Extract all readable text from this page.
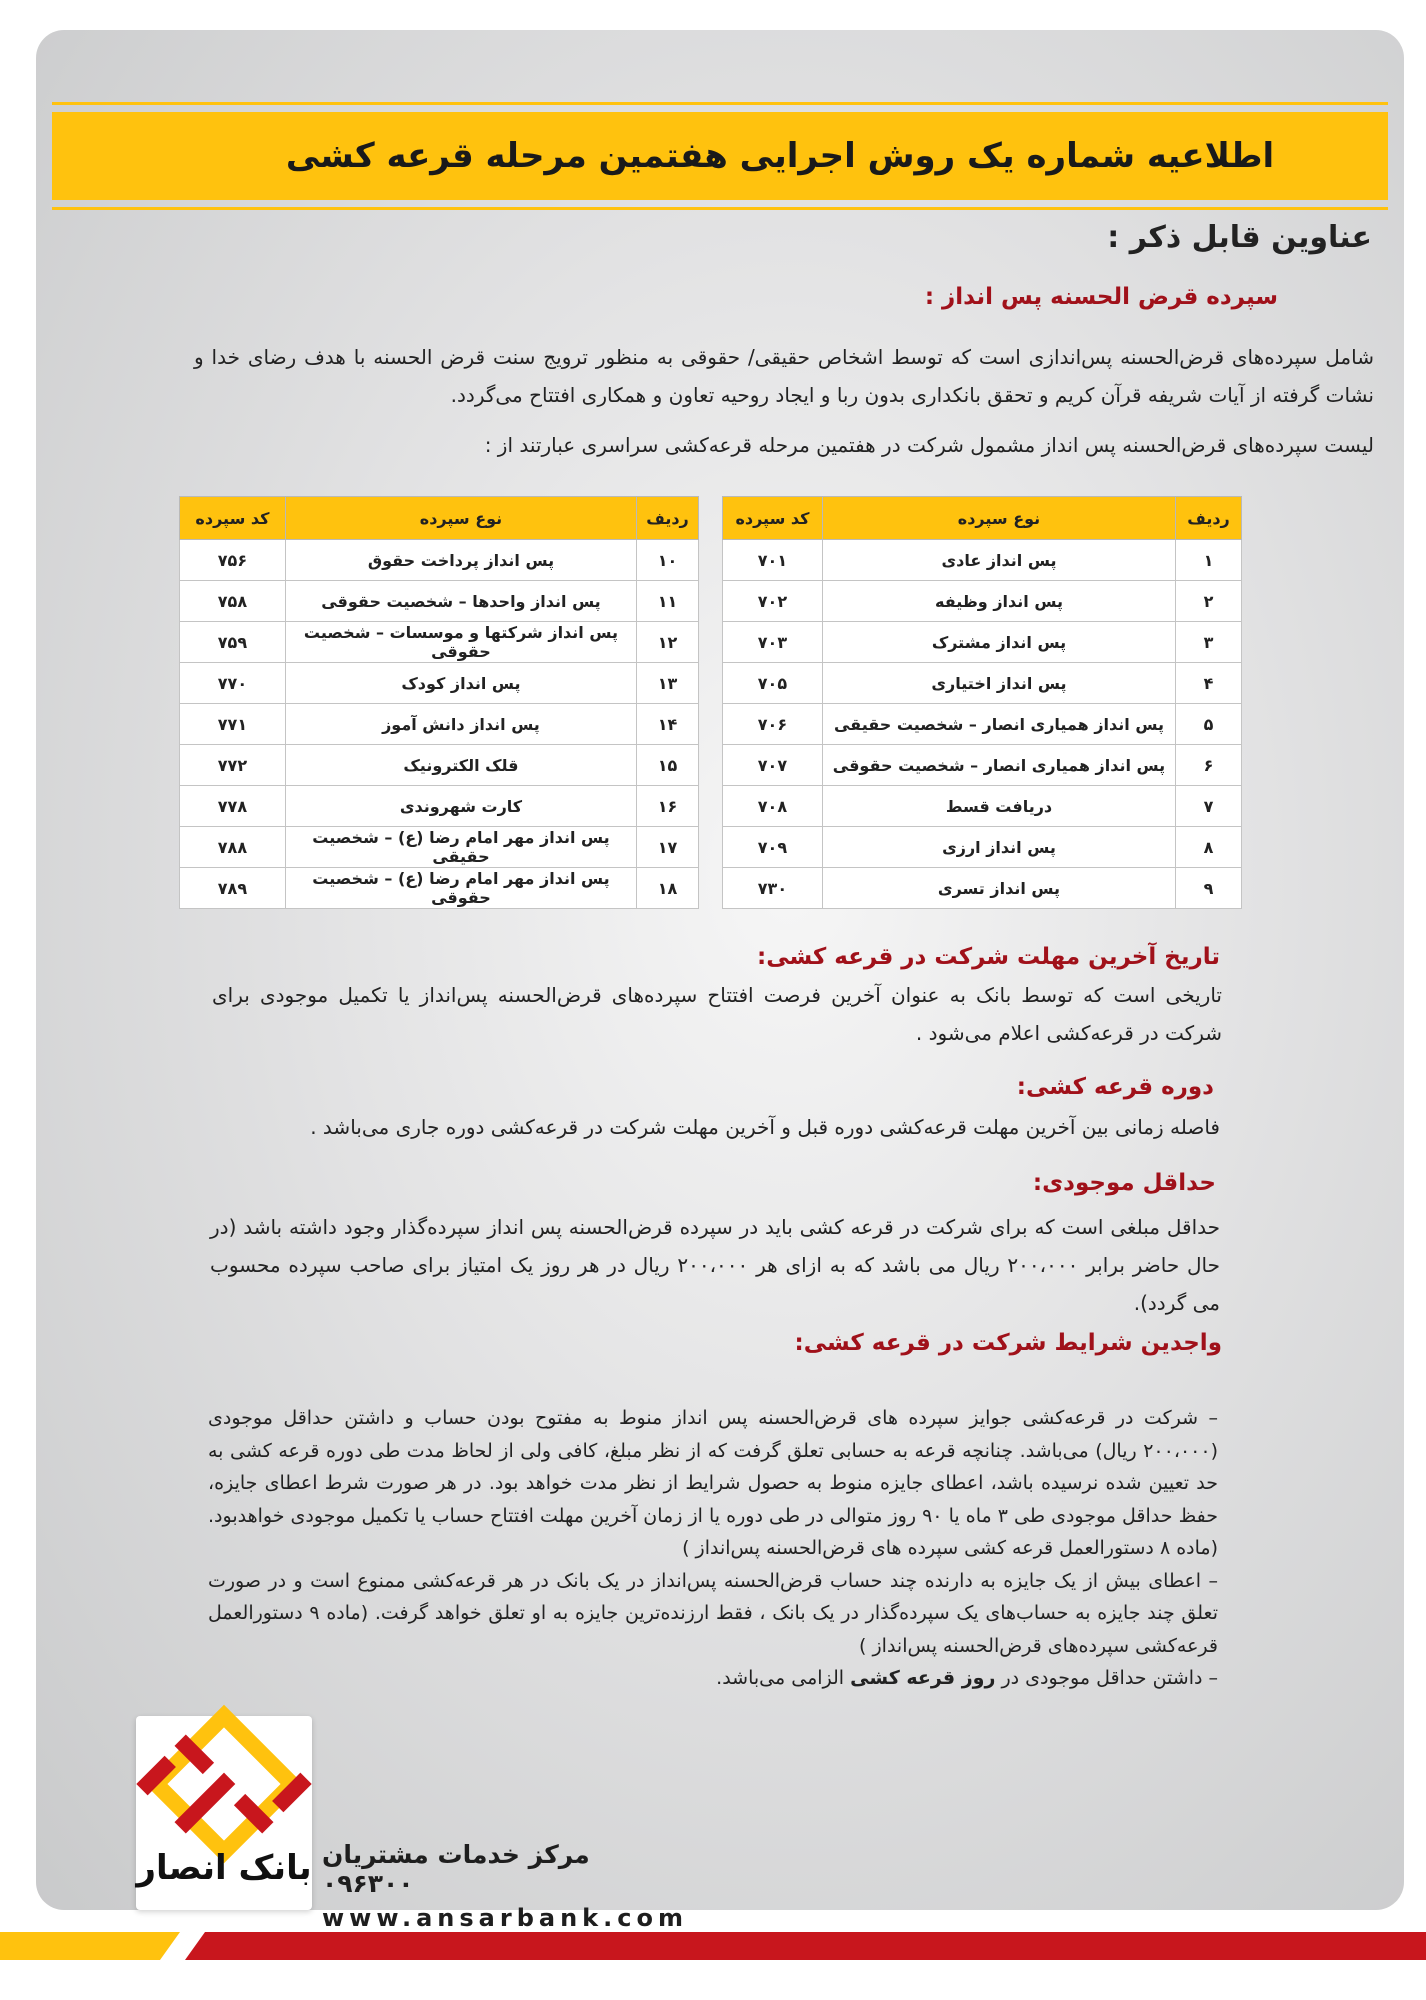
اطلاعیه شماره یک روش اجرایی هفتمین مرحله قرعه کشی
عناوین قابل ذکر :
سپرده قرض الحسنه پس انداز :
شامل سپرده‌های قرض‌الحسنه پس‌اندازی است که توسط اشخاص حقیقی/ حقوقی به منظور ترویج سنت قرض الحسنه با هدف رضای خدا و نشات گرفته از آیات شریفه قرآن کریم و تحقق بانکداری بدون ربا و ایجاد روحیه تعاون و همکاری افتتاح می‌گردد.
لیست سپرده‌های قرض‌الحسنه پس انداز مشمول شرکت در هفتمین مرحله قرعه‌کشی سراسری عبارتند از :
ردیف	نوع سپرده	کد سپرده
۱	پس انداز عادی	۷۰۱
۲	پس انداز وظیفه	۷۰۲
۳	پس انداز مشترک	۷۰۳
۴	پس انداز اختیاری	۷۰۵
۵	پس انداز همیاری انصار – شخصیت حقیقی	۷۰۶
۶	پس انداز همیاری انصار – شخصیت حقوقی	۷۰۷
۷	دریافت قسط	۷۰۸
۸	پس انداز ارزی	۷۰۹
۹	پس انداز تسری	۷۳۰
ردیف	نوع سپرده	کد سپرده
۱۰	پس انداز پرداخت حقوق	۷۵۶
۱۱	پس انداز واحدها – شخصیت حقوقی	۷۵۸
۱۲	پس انداز شرکتها و موسسات – شخصیت حقوقی	۷۵۹
۱۳	پس انداز کودک	۷۷۰
۱۴	پس انداز دانش آموز	۷۷۱
۱۵	قلک الکترونیک	۷۷۲
۱۶	کارت شهروندی	۷۷۸
۱۷	پس انداز مهر امام رضا (ع) – شخصیت حقیقی	۷۸۸
۱۸	پس انداز مهر امام رضا (ع) – شخصیت حقوقی	۷۸۹
تاریخ آخرین مهلت شرکت در قرعه کشی:
تاریخی است که توسط بانک به عنوان آخرین فرصت افتتاح سپرده‌های قرض‌الحسنه پس‌انداز یا تکمیل موجودی برای شرکت در قرعه‌کشی اعلام می‌شود .
دوره قرعه کشی:
فاصله زمانی بین آخرین مهلت قرعه‌کشی دوره قبل و آخرین مهلت شرکت در قرعه‌کشی دوره جاری می‌باشد .
حداقل موجودی:
حداقل مبلغی است که برای شرکت در قرعه کشی باید در سپرده قرض‌الحسنه پس انداز سپرده‌گذار وجود داشته باشد (در حال حاضر برابر ۲۰۰،۰۰۰ ریال می باشد که به ازای هر ۲۰۰،۰۰۰ ریال در هر روز یک امتیاز برای صاحب سپرده محسوب می گردد).
واجدین شرایط شرکت در قرعه کشی:

– شرکت در قرعه‌کشی جوایز سپرده های قرض‌الحسنه پس انداز منوط به مفتوح بودن حساب و داشتن حداقل موجودی (۲۰۰،۰۰۰ ریال) می‌باشد. چنانچه قرعه به حسابی تعلق گرفت که از نظر مبلغ، کافی ولی از لحاظ مدت طی دوره قرعه کشی به حد تعیین شده نرسیده باشد، اعطای جایزه منوط به حصول شرایط از نظر مدت خواهد بود. در هر صورت شرط اعطای جایزه، حفظ حداقل موجودی طی ۳ ماه یا ۹۰ روز متوالی در طی دوره یا از زمان آخرین مهلت افتتاح حساب یا تکمیل موجودی خواهدبود. (ماده ۸ دستورالعمل قرعه کشی سپرده های قرض‌الحسنه پس‌انداز )

– اعطای بیش از یک جایزه به دارنده چند حساب قرض‌الحسنه پس‌انداز در یک بانک در هر قرعه‌کشی ممنوع است و در صورت تعلق چند جایزه به حساب‌های یک سپرده‌گذار در یک بانک ، فقط ارزنده‌ترین جایزه به او تعلق خواهد گرفت. (ماده ۹ دستورالعمل قرعه‌کشی سپرده‌های قرض‌الحسنه پس‌انداز )

– داشتن حداقل موجودی در روز قرعه کشی الزامی می‌باشد.

بانک انصار مرکز خدمات مشتریان ۰۹۶۳۰۰
www.ansarbank.com
